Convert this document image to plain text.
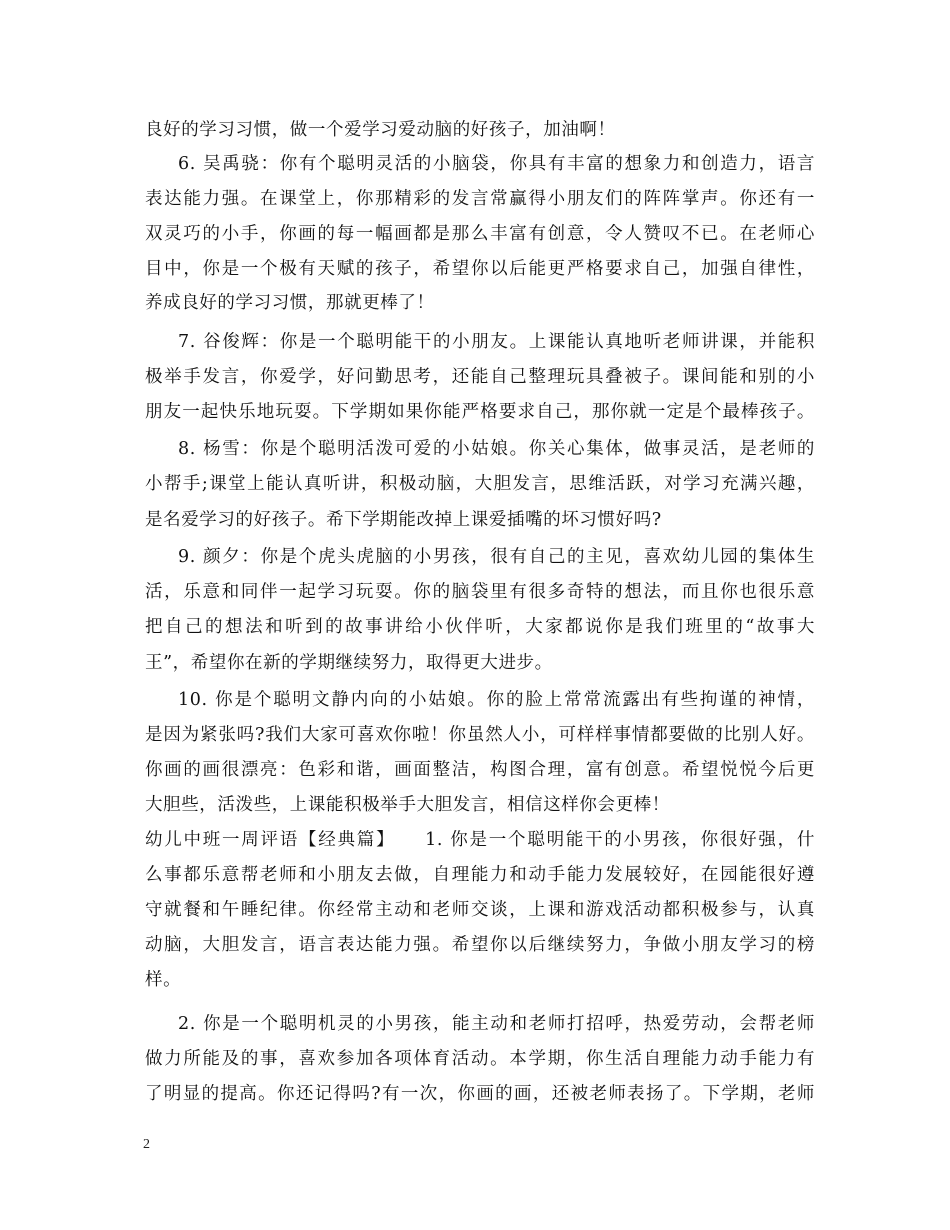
良好的学习习惯，做一个爱学习爱动脑的好孩子，加油啊！
6. 吴禹骁：你有个聪明灵活的小脑袋，你具有丰富的想象力和创造力，语言
表达能力强。在课堂上，你那精彩的发言常赢得小朋友们的阵阵掌声。你还有一
双灵巧的小手，你画的每一幅画都是那么丰富有创意，令人赞叹不已。在老师心
目中，你是一个极有天赋的孩子，希望你以后能更严格要求自己，加强自律性，
养成良好的学习习惯，那就更棒了！
7. 谷俊辉：你是一个聪明能干的小朋友。上课能认真地听老师讲课，并能积
极举手发言，你爱学，好问勤思考，还能自己整理玩具叠被子。课间能和别的小
朋友一起快乐地玩耍。下学期如果你能严格要求自己，那你就一定是个最棒孩子。
8. 杨雪：你是个聪明活泼可爱的小姑娘。你关心集体，做事灵活，是老师的
小帮手;课堂上能认真听讲，积极动脑，大胆发言，思维活跃，对学习充满兴趣，
是名爱学习的好孩子。希下学期能改掉上课爱插嘴的坏习惯好吗?
9. 颜夕：你是个虎头虎脑的小男孩，很有自己的主见，喜欢幼儿园的集体生
活，乐意和同伴一起学习玩耍。你的脑袋里有很多奇特的想法，而且你也很乐意
把自己的想法和听到的故事讲给小伙伴听，大家都说你是我们班里的“故事大
王”，希望你在新的学期继续努力，取得更大进步。
10. 你是个聪明文静内向的小姑娘。你的脸上常常流露出有些拘谨的神情，
是因为紧张吗?我们大家可喜欢你啦！你虽然人小，可样样事情都要做的比别人好。
你画的画很漂亮：色彩和谐，画面整洁，构图合理，富有创意。希望悦悦今后更
大胆些，活泼些，上课能积极举手大胆发言，相信这样你会更棒！
幼儿中班一周评语【经典篇】　　1. 你是一个聪明能干的小男孩，你很好强，什
么事都乐意帮老师和小朋友去做，自理能力和动手能力发展较好，在园能很好遵
守就餐和午睡纪律。你经常主动和老师交谈，上课和游戏活动都积极参与，认真
动脑，大胆发言，语言表达能力强。希望你以后继续努力，争做小朋友学习的榜
样。
2. 你是一个聪明机灵的小男孩，能主动和老师打招呼，热爱劳动，会帮老师
做力所能及的事，喜欢参加各项体育活动。本学期，你生活自理能力动手能力有
了明显的提高。你还记得吗?有一次，你画的画，还被老师表扬了。下学期，老师
2
